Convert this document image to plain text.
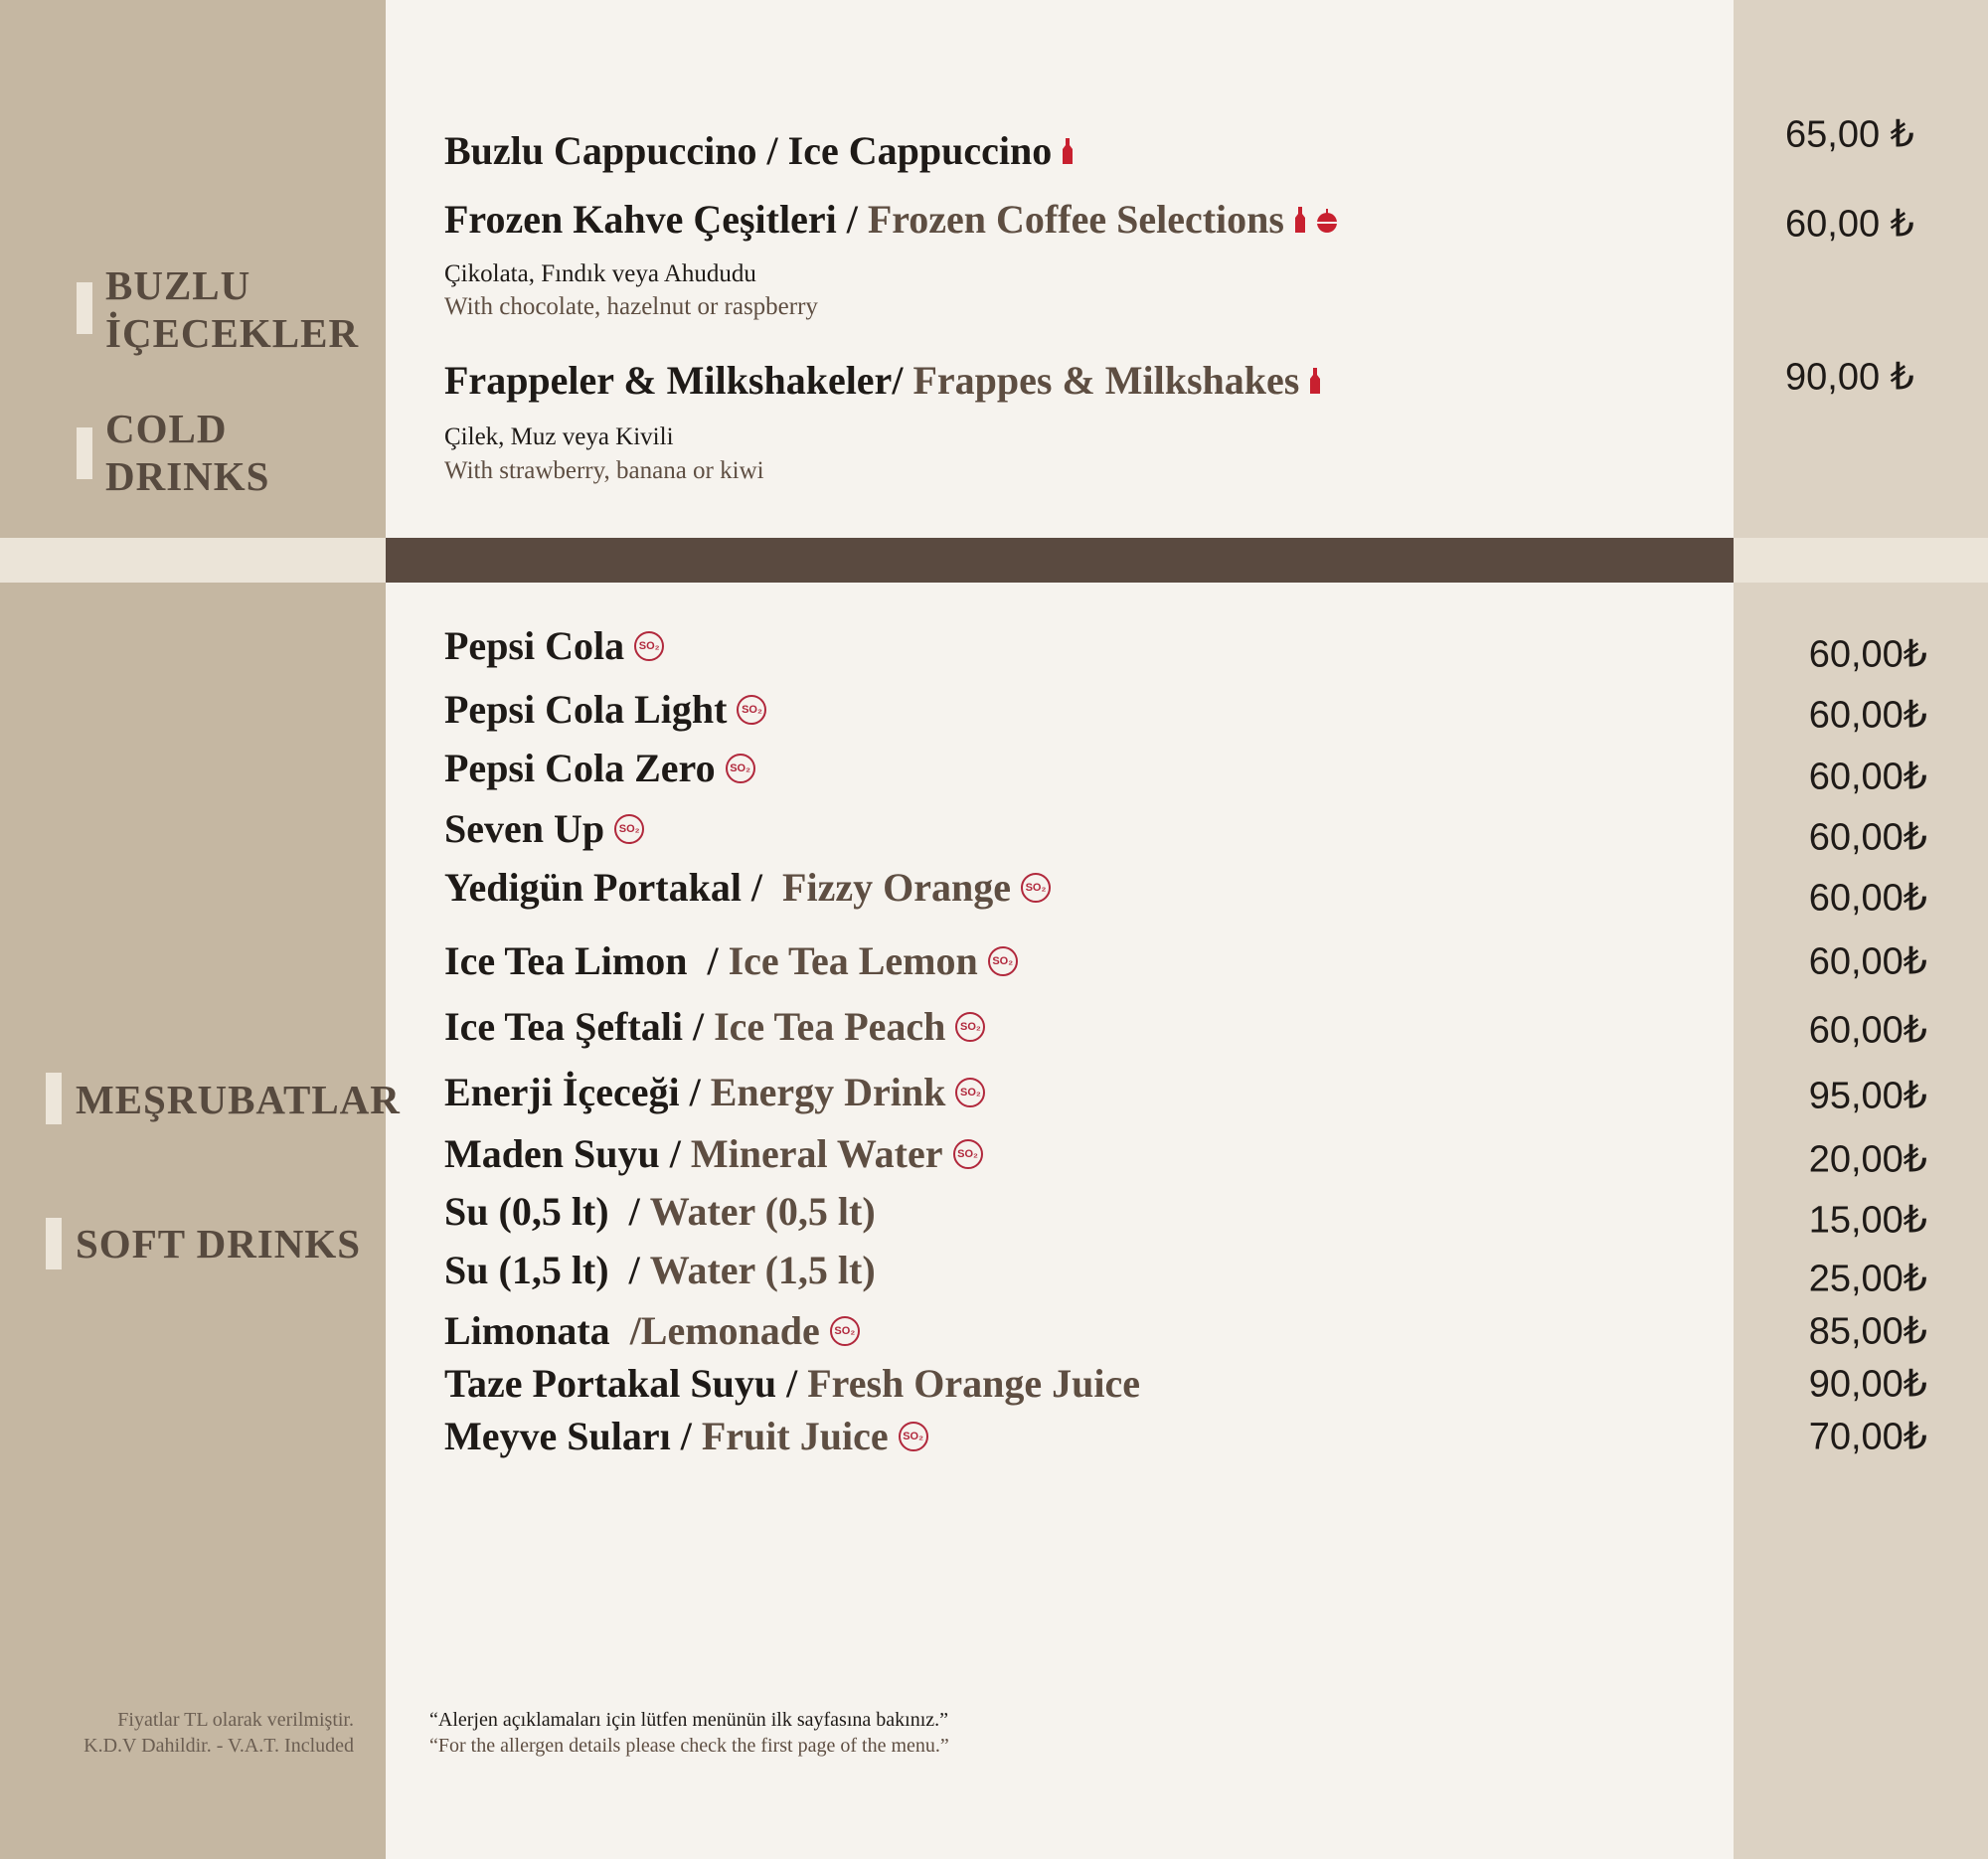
BUZLU
İÇECEKLER
COLD
DRINKS
MEŞRUBATLAR
SOFT DRINKS
Buzlu Cappuccino / Ice Cappuccino	65,00 ₺
Frozen Kahve Çeşitleri / Frozen Coffee Selections	60,00 ₺
Çikolata, Fındık veya Ahududu
With chocolate, hazelnut or raspberry
Frappeler & Milkshakeler/ Frappes & Milkshakes	90,00 ₺
Çilek, Muz veya Kivili
With strawberry, banana or kiwi
Pepsi Cola	SO₂	60,00₺
Pepsi Cola Light	SO₂	60,00₺
Pepsi Cola Zero	SO₂	60,00₺
Seven Up	SO₂	60,00₺
Yedigün Portakal / Fizzy Orange	SO₂	60,00₺
Ice Tea Limon  / Ice Tea Lemon	SO₂	60,00₺
Ice Tea Şeftali / Ice Tea Peach	SO₂	60,00₺
Enerji İçeceği / Energy Drink	SO₂	95,00₺
Maden Suyu / Mineral Water	SO₂	20,00₺
Su (0,5 lt)  / Water (0,5 lt)	15,00₺
Su (1,5 lt)  / Water (1,5 lt)	25,00₺
Limonata /Lemonade	SO₂	85,00₺
Taze Portakal Suyu / Fresh Orange Juice	90,00₺
Meyve Suları / Fruit Juice	SO₂	70,00₺
Fiyatlar TL olarak verilmiştir.
K.D.V Dahildir. - V.A.T. Included
“Alerjen açıklamaları için lütfen menünün ilk sayfasına bakınız.”
“For the allergen details please check the first page of the menu.”
